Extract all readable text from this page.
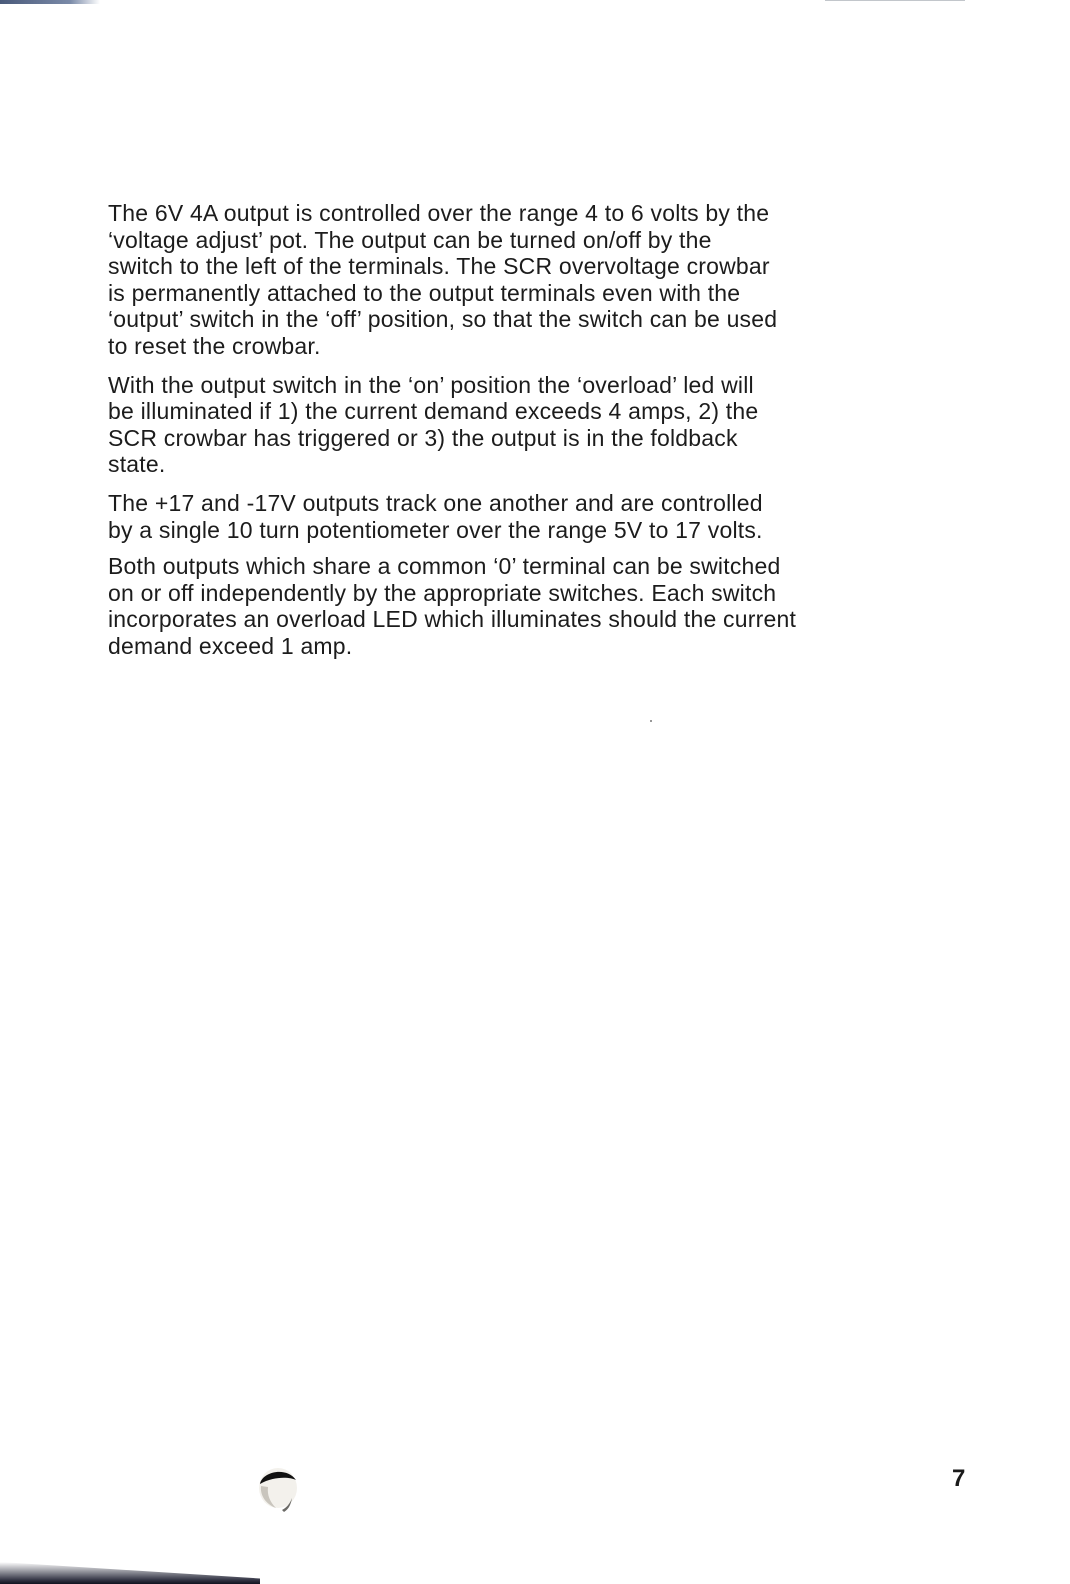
The 6V 4A output is controlled over the range 4 to 6 volts by the
‘voltage adjust’ pot. The output can be turned on/off by the
switch to the left of the terminals. The SCR overvoltage crowbar
is permanently attached to the output terminals even with the
‘output’ switch in the ‘off’ position, so that the switch can be used
to reset the crowbar.

With the output switch in the ‘on’ position the ‘overload’ led will
be illuminated if 1) the current demand exceeds 4 amps, 2) the
SCR crowbar has triggered or 3) the output is in the foldback
state.

The +17 and -17V outputs track one another and are controlled
by a single 10 turn potentiometer over the range 5V to 17 volts.

Both outputs which share a common ‘0’ terminal can be switched
on or off independently by the appropriate switches. Each switch
incorporates an overload LED which illuminates should the current
demand exceed 1 amp.

7
